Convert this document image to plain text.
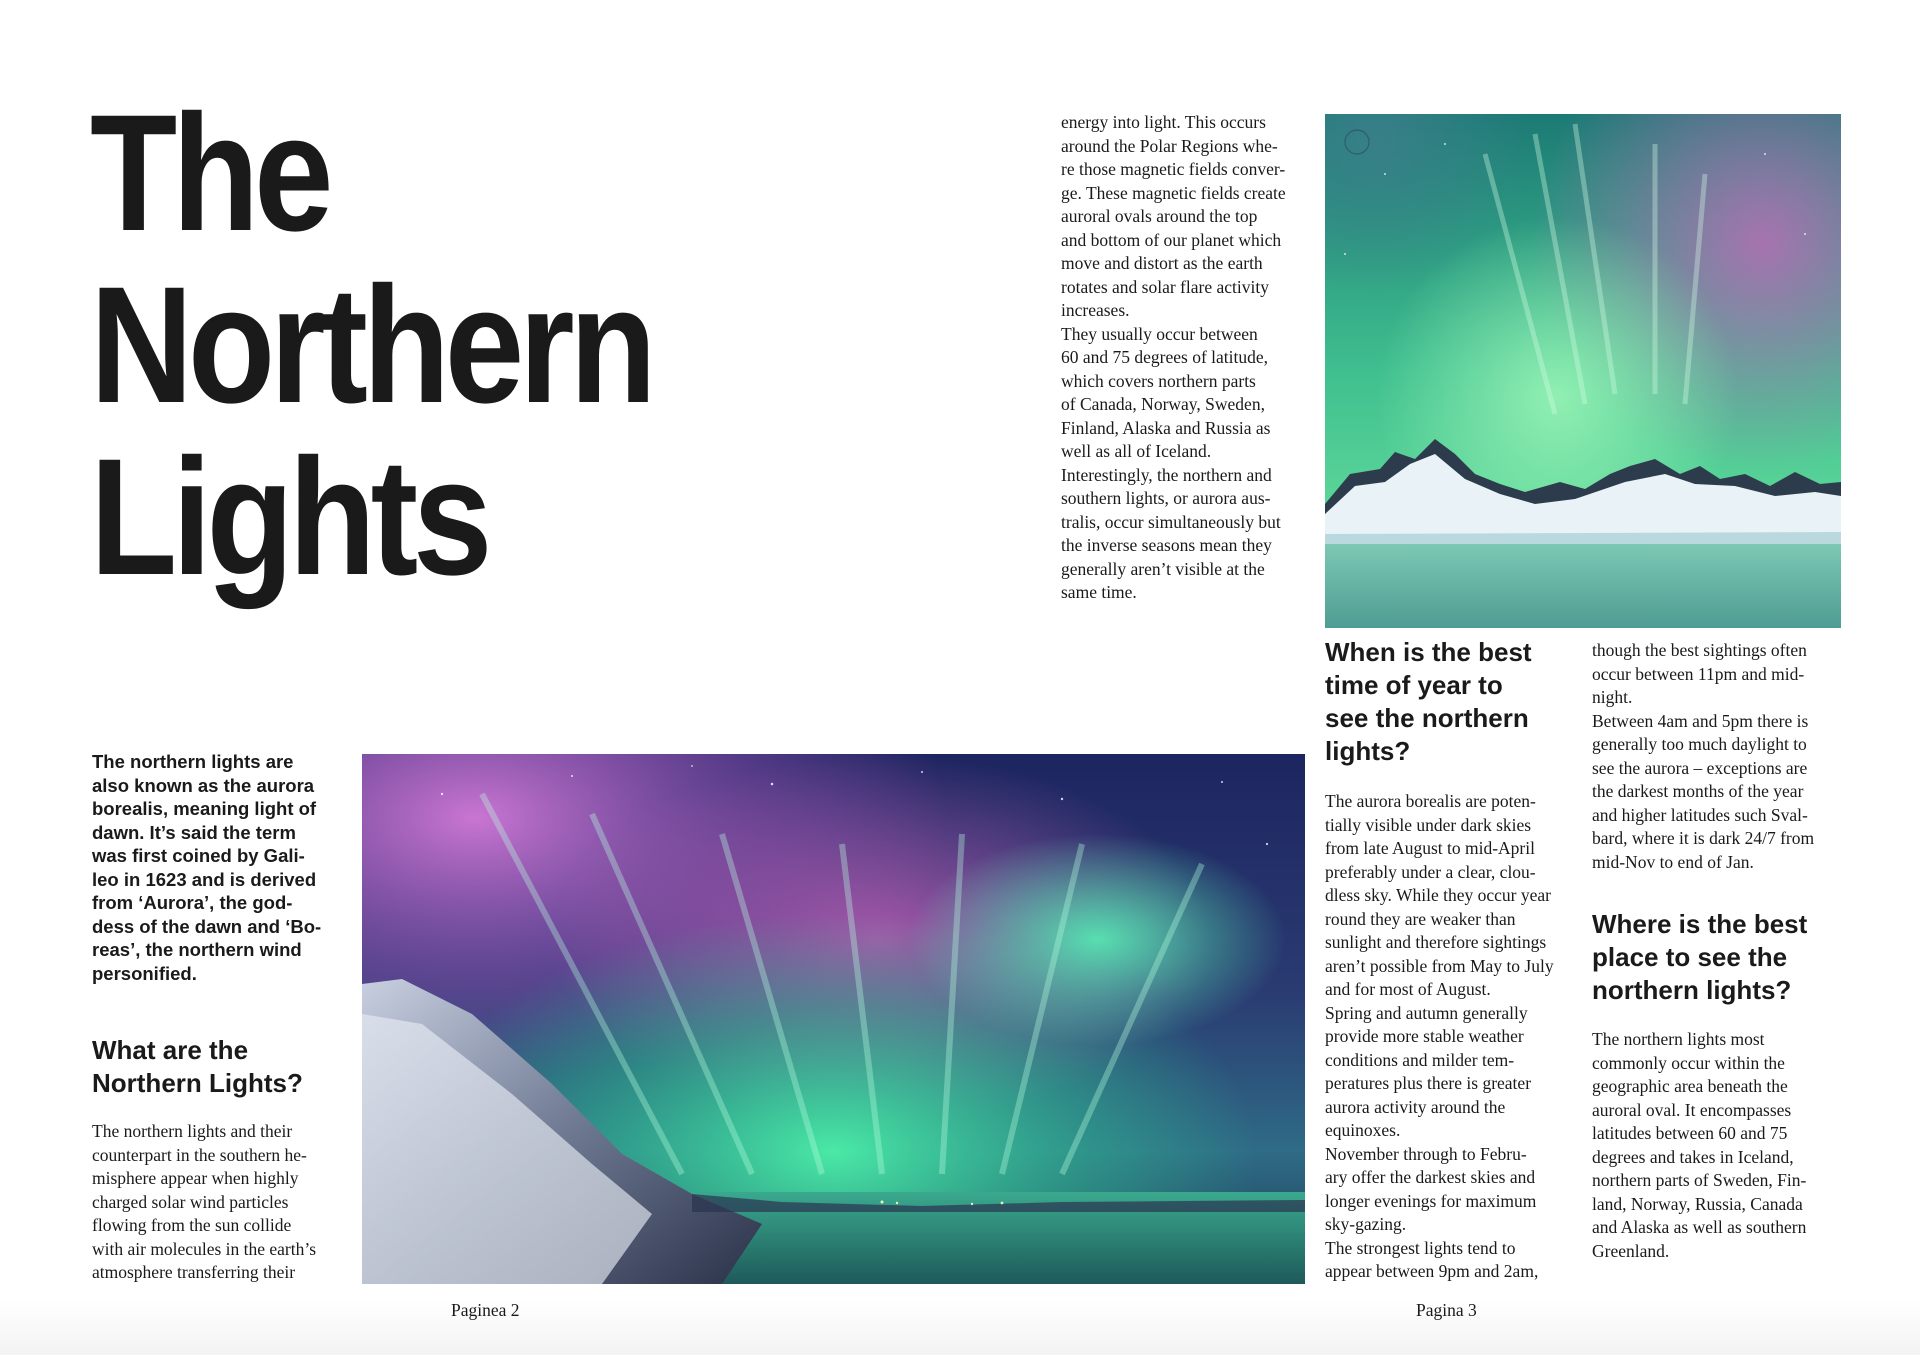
The Northern
Lights

The northern lights are
also known as the aurora
borealis, meaning light of
dawn. It’s said the term
was first coined by Gali-
leo in 1623 and is derived
from ‘Aurora’, the god-
dess of the dawn and ‘Bo-
reas’, the northern wind
personified.

What are the
Northern Lights?

The northern lights and their
counterpart in the southern he-
misphere appear when highly
charged solar wind particles
flowing from the sun collide
with air molecules in the earth’s
atmosphere transferring their

Paginea 2

energy into light. This occurs
around the Polar Regions whe-
re those magnetic fields conver-
ge. These magnetic fields create
auroral ovals around the top
and bottom of our planet which
move and distort as the earth
rotates and solar flare activity
increases.
They usually occur between
60 and 75 degrees of latitude,
which covers northern parts
of Canada, Norway, Sweden,
Finland, Alaska and Russia as
well as all of Iceland.
Interestingly, the northern and
southern lights, or aurora aus-
tralis, occur simultaneously but
the inverse seasons mean they
generally aren’t visible at the
same time.

When is the best
time of year to
see the northern
lights?

The aurora borealis are poten-
tially visible under dark skies
from late August to mid-April
preferably under a clear, clou-
dless sky. While they occur year
round they are weaker than
sunlight and therefore sightings
aren’t possible from May to July
and for most of August.
Spring and autumn generally
provide more stable weather
conditions and milder tem-
peratures plus there is greater
aurora activity around the
equinoxes.
November through to Febru-
ary offer the darkest skies and
longer evenings for maximum
sky-gazing.
The strongest lights tend to
appear between 9pm and 2am,

though the best sightings often
occur between 11pm and mid-
night.
Between 4am and 5pm there is
generally too much daylight to
see the aurora – exceptions are
the darkest months of the year
and higher latitudes such Sval-
bard, where it is dark 24/7 from
mid-Nov to end of Jan.

Where is the best
place to see the
northern lights?

The northern lights most
commonly occur within the
geographic area beneath the
auroral oval. It encompasses
latitudes between 60 and 75
degrees and takes in Iceland,
northern parts of Sweden, Fin-
land, Norway, Russia, Canada
and Alaska as well as southern
Greenland.

Pagina 3
